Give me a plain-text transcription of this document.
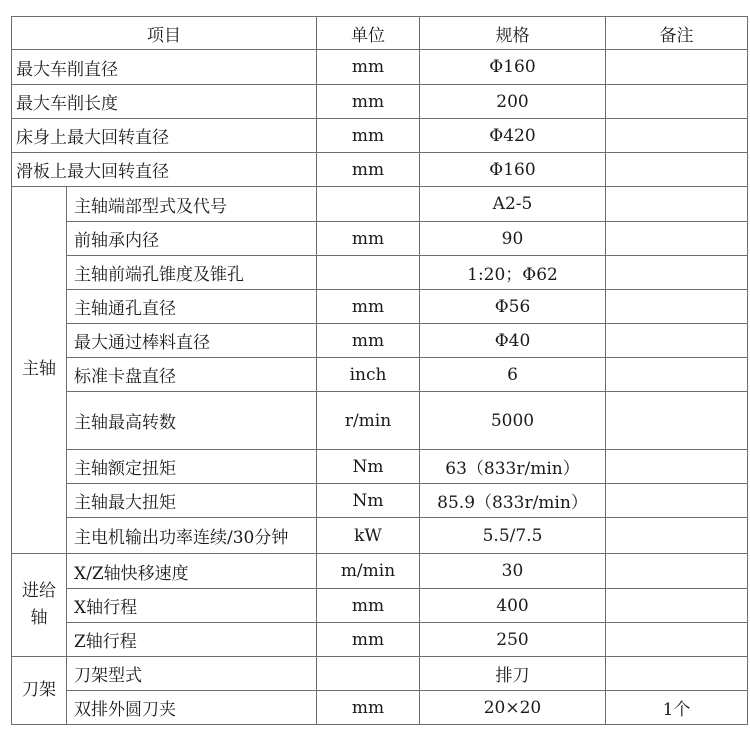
项目		单位	规格	备注
最大车削直径		mm	Φ160	
最大车削长度		mm	200	
床身上最大回转直径		mm	Φ420	
滑板上最大回转直径		mm	Φ160	
主轴	主轴端部型式及代号		A2-5	
	前轴承内径	mm	90	
	主轴前端孔锥度及锥孔		1:20；Φ62	
	主轴通孔直径	mm	Φ56	
	最大通过棒料直径	mm	Φ40	
	标准卡盘直径	inch	6	
	主轴最高转数	r/min	5000	
	主轴额定扭矩	Nm	63（833r/min）	
	主轴最大扭矩	Nm	85.9（833r/min）	
	主电机输出功率连续/30分钟	kW	5.5/7.5	
进给轴	X/Z轴快移速度	m/min	30	
	X轴行程	mm	400	
	Z轴行程	mm	250	
刀架	刀架型式		排刀	
	双排外圆刀夹	mm	20×20	1个
